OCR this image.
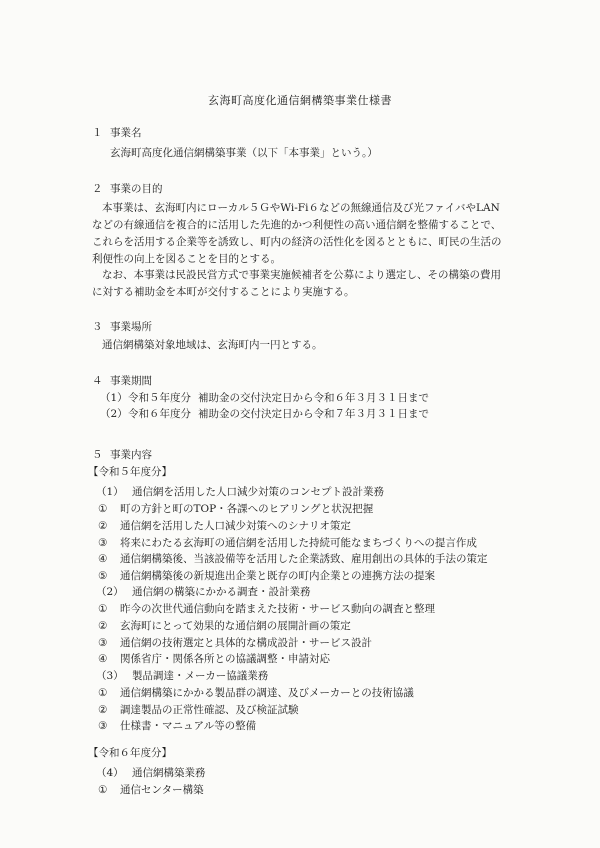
玄海町高度化通信網構築事業仕様書
１ 事業名
玄海町高度化通信網構築事業（以下「本事業」という。）
２ 事業の目的
本事業は、玄海町内にローカル５ＧやWi-Fi６などの無線通信及び光ファイバやLAN
などの有線通信を複合的に活用した先進的かつ利便性の高い通信網を整備することで、
これらを活用する企業等を誘致し、町内の経済の活性化を図るとともに、町民の生活の
利便性の向上を図ることを目的とする。
なお、本事業は民設民営方式で事業実施候補者を公募により選定し、その構築の費用
に対する補助金を本町が交付することにより実施する。
３ 事業場所
通信網構築対象地域は、玄海町内一円とする。
４ 事業期間
（1）令和５年度分 補助金の交付決定日から令和６年３月３１日まで
（2）令和６年度分 補助金の交付決定日から令和７年３月３１日まで
５ 事業内容
【令和５年度分】
（1） 通信網を活用した人口減少対策のコンセプト設計業務
① 町の方針と町のTOP・各課へのヒアリングと状況把握
② 通信網を活用した人口減少対策へのシナリオ策定
③ 将来にわたる玄海町の通信網を活用した持続可能なまちづくりへの提言作成
④ 通信網構築後、当該設備等を活用した企業誘致、雇用創出の具体的手法の策定
⑤ 通信網構築後の新規進出企業と既存の町内企業との連携方法の提案
（2） 通信網の構築にかかる調査・設計業務
① 昨今の次世代通信動向を踏まえた技術・サービス動向の調査と整理
② 玄海町にとって効果的な通信網の展開計画の策定
③ 通信網の技術選定と具体的な構成設計・サービス設計
④ 関係省庁・関係各所との協議調整・申請対応
（3） 製品調達・メーカー協議業務
① 通信網構築にかかる製品群の調達、及びメーカーとの技術協議
② 調達製品の正常性確認、及び検証試験
③ 仕様書・マニュアル等の整備
【令和６年度分】
（4） 通信網構築業務
① 通信センター構築
